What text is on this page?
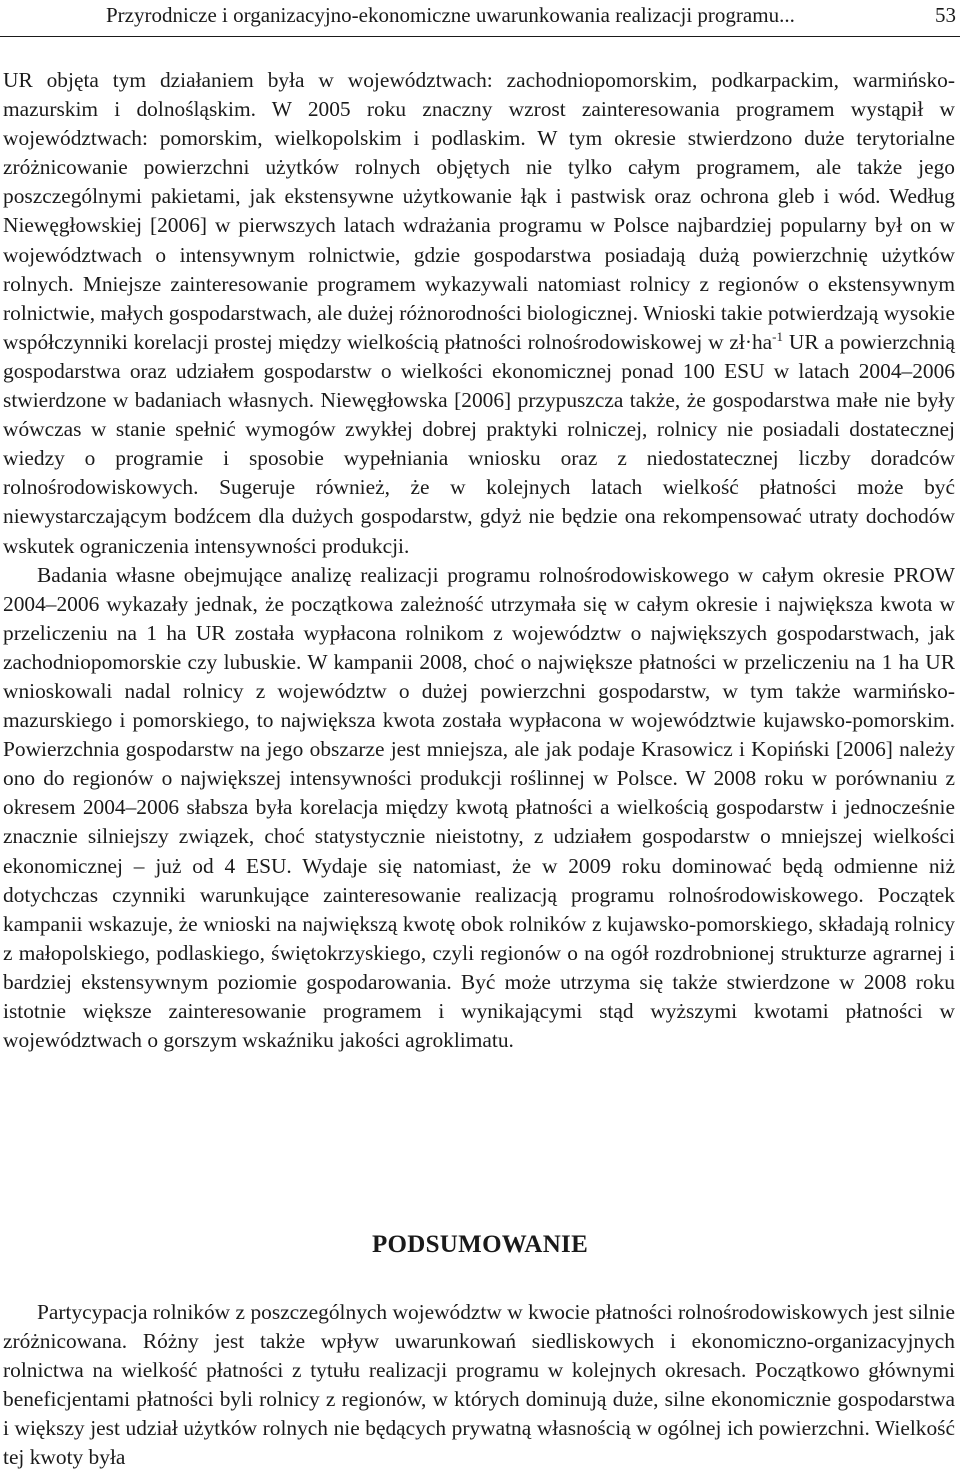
Przyrodnicze i organizacyjno-ekonomiczne uwarunkowania realizacji programu...	53

UR objęta tym działaniem była w województwach: zachodniopomorskim, podkarpackim, warmińsko-mazurskim i dolnośląskim. W 2005 roku znaczny wzrost zainteresowania programem wystąpił w województwach: pomorskim, wielkopolskim i podlaskim. W tym okresie stwierdzono duże terytorialne zróżnicowanie powierzchni użytków rolnych objętych nie tylko całym programem, ale także jego poszczególnymi pakietami, jak ekstensywne użytkowanie łąk i pastwisk oraz ochrona gleb i wód. Według Niewęgłowskiej [2006] w pierwszych latach wdrażania programu w Polsce najbardziej popularny był on w województwach o intensywnym rolnictwie, gdzie gospodarstwa posiadają dużą powierzchnię użytków rolnych. Mniejsze zainteresowanie programem wykazywali natomiast rolnicy z regionów o ekstensywnym rolnictwie, małych gospodarstwach, ale dużej różnorodności biologicznej. Wnioski takie potwierdzają wysokie współczynniki korelacji prostej między wielkością płatności rolnośrodowiskowej w $zł\cdot ha^{-1}$ UR a powierzchnią gospodarstwa oraz udziałem gospodarstw o wielkości ekonomicznej ponad 100 ESU w latach 2004–2006 stwierdzone w badaniach własnych. Niewęgłowska [2006] przypuszcza także, że gospodarstwa małe nie były wówczas w stanie spełnić wymogów zwykłej dobrej praktyki rolniczej, rolnicy nie posiadali dostatecznej wiedzy o programie i sposobie wypełniania wniosku oraz z niedostatecznej liczby doradców rolnośrodowiskowych. Sugeruje również, że w kolejnych latach wielkość płatności może być niewystarczającym bodźcem dla dużych gospodarstw, gdyż nie będzie ona rekompensować utraty dochodów wskutek ograniczenia intensywności produkcji.

Badania własne obejmujące analizę realizacji programu rolnośrodowiskowego w całym okresie PROW 2004–2006 wykazały jednak, że początkowa zależność utrzymała się w całym okresie i największa kwota w przeliczeniu na 1 ha UR została wypłacona rolnikom z województw o największych gospodarstwach, jak zachodniopomorskie czy lubuskie. W kampanii 2008, choć o największe płatności w przeliczeniu na 1 ha UR wnioskowali nadal rolnicy z województw o dużej powierzchni gospodarstw, w tym także warmińsko-mazurskiego i pomorskiego, to największa kwota została wypłacona w województwie kujawsko-pomorskim. Powierzchnia gospodarstw na jego obszarze jest mniejsza, ale jak podaje Krasowicz i Kopiński [2006] należy ono do regionów o największej intensywności produkcji roślinnej w Polsce. W 2008 roku w porównaniu z okresem 2004–2006 słabsza była korelacja między kwotą płatności a wielkością gospodarstw i jednocześnie znacznie silniejszy związek, choć statystycznie nieistotny, z udziałem gospodarstw o mniejszej wielkości ekonomicznej – już od 4 ESU. Wydaje się natomiast, że w 2009 roku dominować będą odmienne niż dotychczas czynniki warunkujące zainteresowanie realizacją programu rolnośrodowiskowego. Początek kampanii wskazuje, że wnioski na największą kwotę obok rolników z kujawsko-pomorskiego, składają rolnicy z małopolskiego, podlaskiego, świętokrzyskiego, czyli regionów o na ogół rozdrobnionej strukturze agrarnej i bardziej ekstensywnym poziomie gospodarowania. Być może utrzyma się także stwierdzone w 2008 roku istotnie większe zainteresowanie programem i wynikającymi stąd wyższymi kwotami płatności w województwach o gorszym wskaźniku jakości agroklimatu.

PODSUMOWANIE

Partycypacja rolników z poszczególnych województw w kwocie płatności rolnośrodowiskowych jest silnie zróżnicowana. Różny jest także wpływ uwarunkowań siedliskowych i ekonomiczno-organizacyjnych rolnictwa na wielkość płatności z tytułu realizacji programu w kolejnych okresach. Początkowo głównymi beneficjentami płatności byli rolnicy z regionów, w których dominują duże, silne ekonomicznie gospodarstwa i większy jest udział użytków rolnych nie będących prywatną własnością w ogólnej ich powierzchni. Wielkość tej kwoty była
